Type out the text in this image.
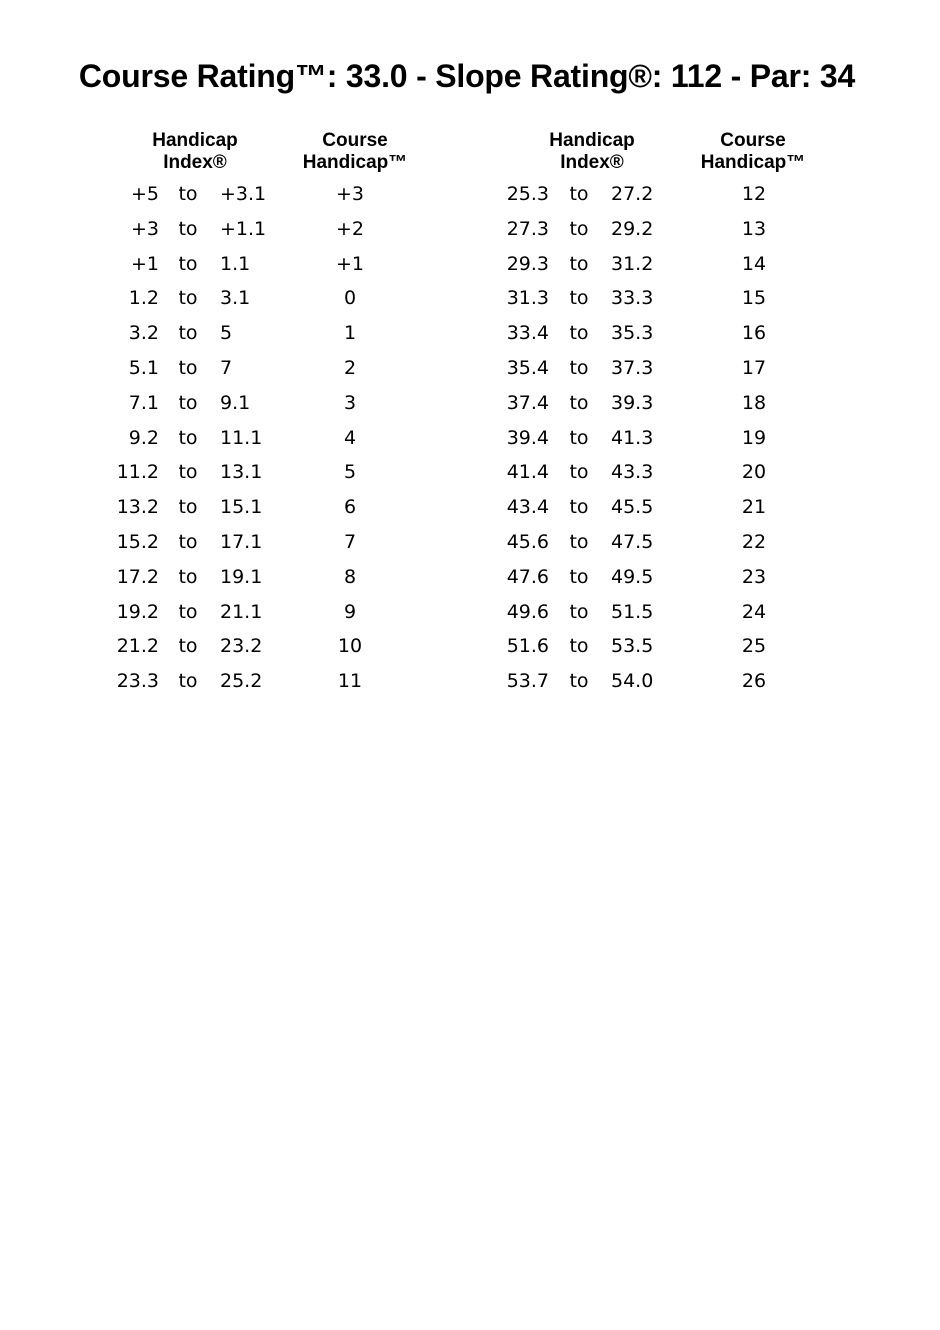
Course Rating™: 33.0 - Slope Rating®: 112 - Par: 34
Handicap
Index®
Course
Handicap™
Handicap
Index®
Course
Handicap™
+5	to	+3.1	+3	25.3	to	27.2	12
+3	to	+1.1	+2	27.3	to	29.2	13
+1	to	1.1	+1	29.3	to	31.2	14
1.2	to	3.1	0	31.3	to	33.3	15
3.2	to	5	1	33.4	to	35.3	16
5.1	to	7	2	35.4	to	37.3	17
7.1	to	9.1	3	37.4	to	39.3	18
9.2	to	11.1	4	39.4	to	41.3	19
11.2	to	13.1	5	41.4	to	43.3	20
13.2	to	15.1	6	43.4	to	45.5	21
15.2	to	17.1	7	45.6	to	47.5	22
17.2	to	19.1	8	47.6	to	49.5	23
19.2	to	21.1	9	49.6	to	51.5	24
21.2	to	23.2	10	51.6	to	53.5	25
23.3	to	25.2	11	53.7	to	54.0	26
